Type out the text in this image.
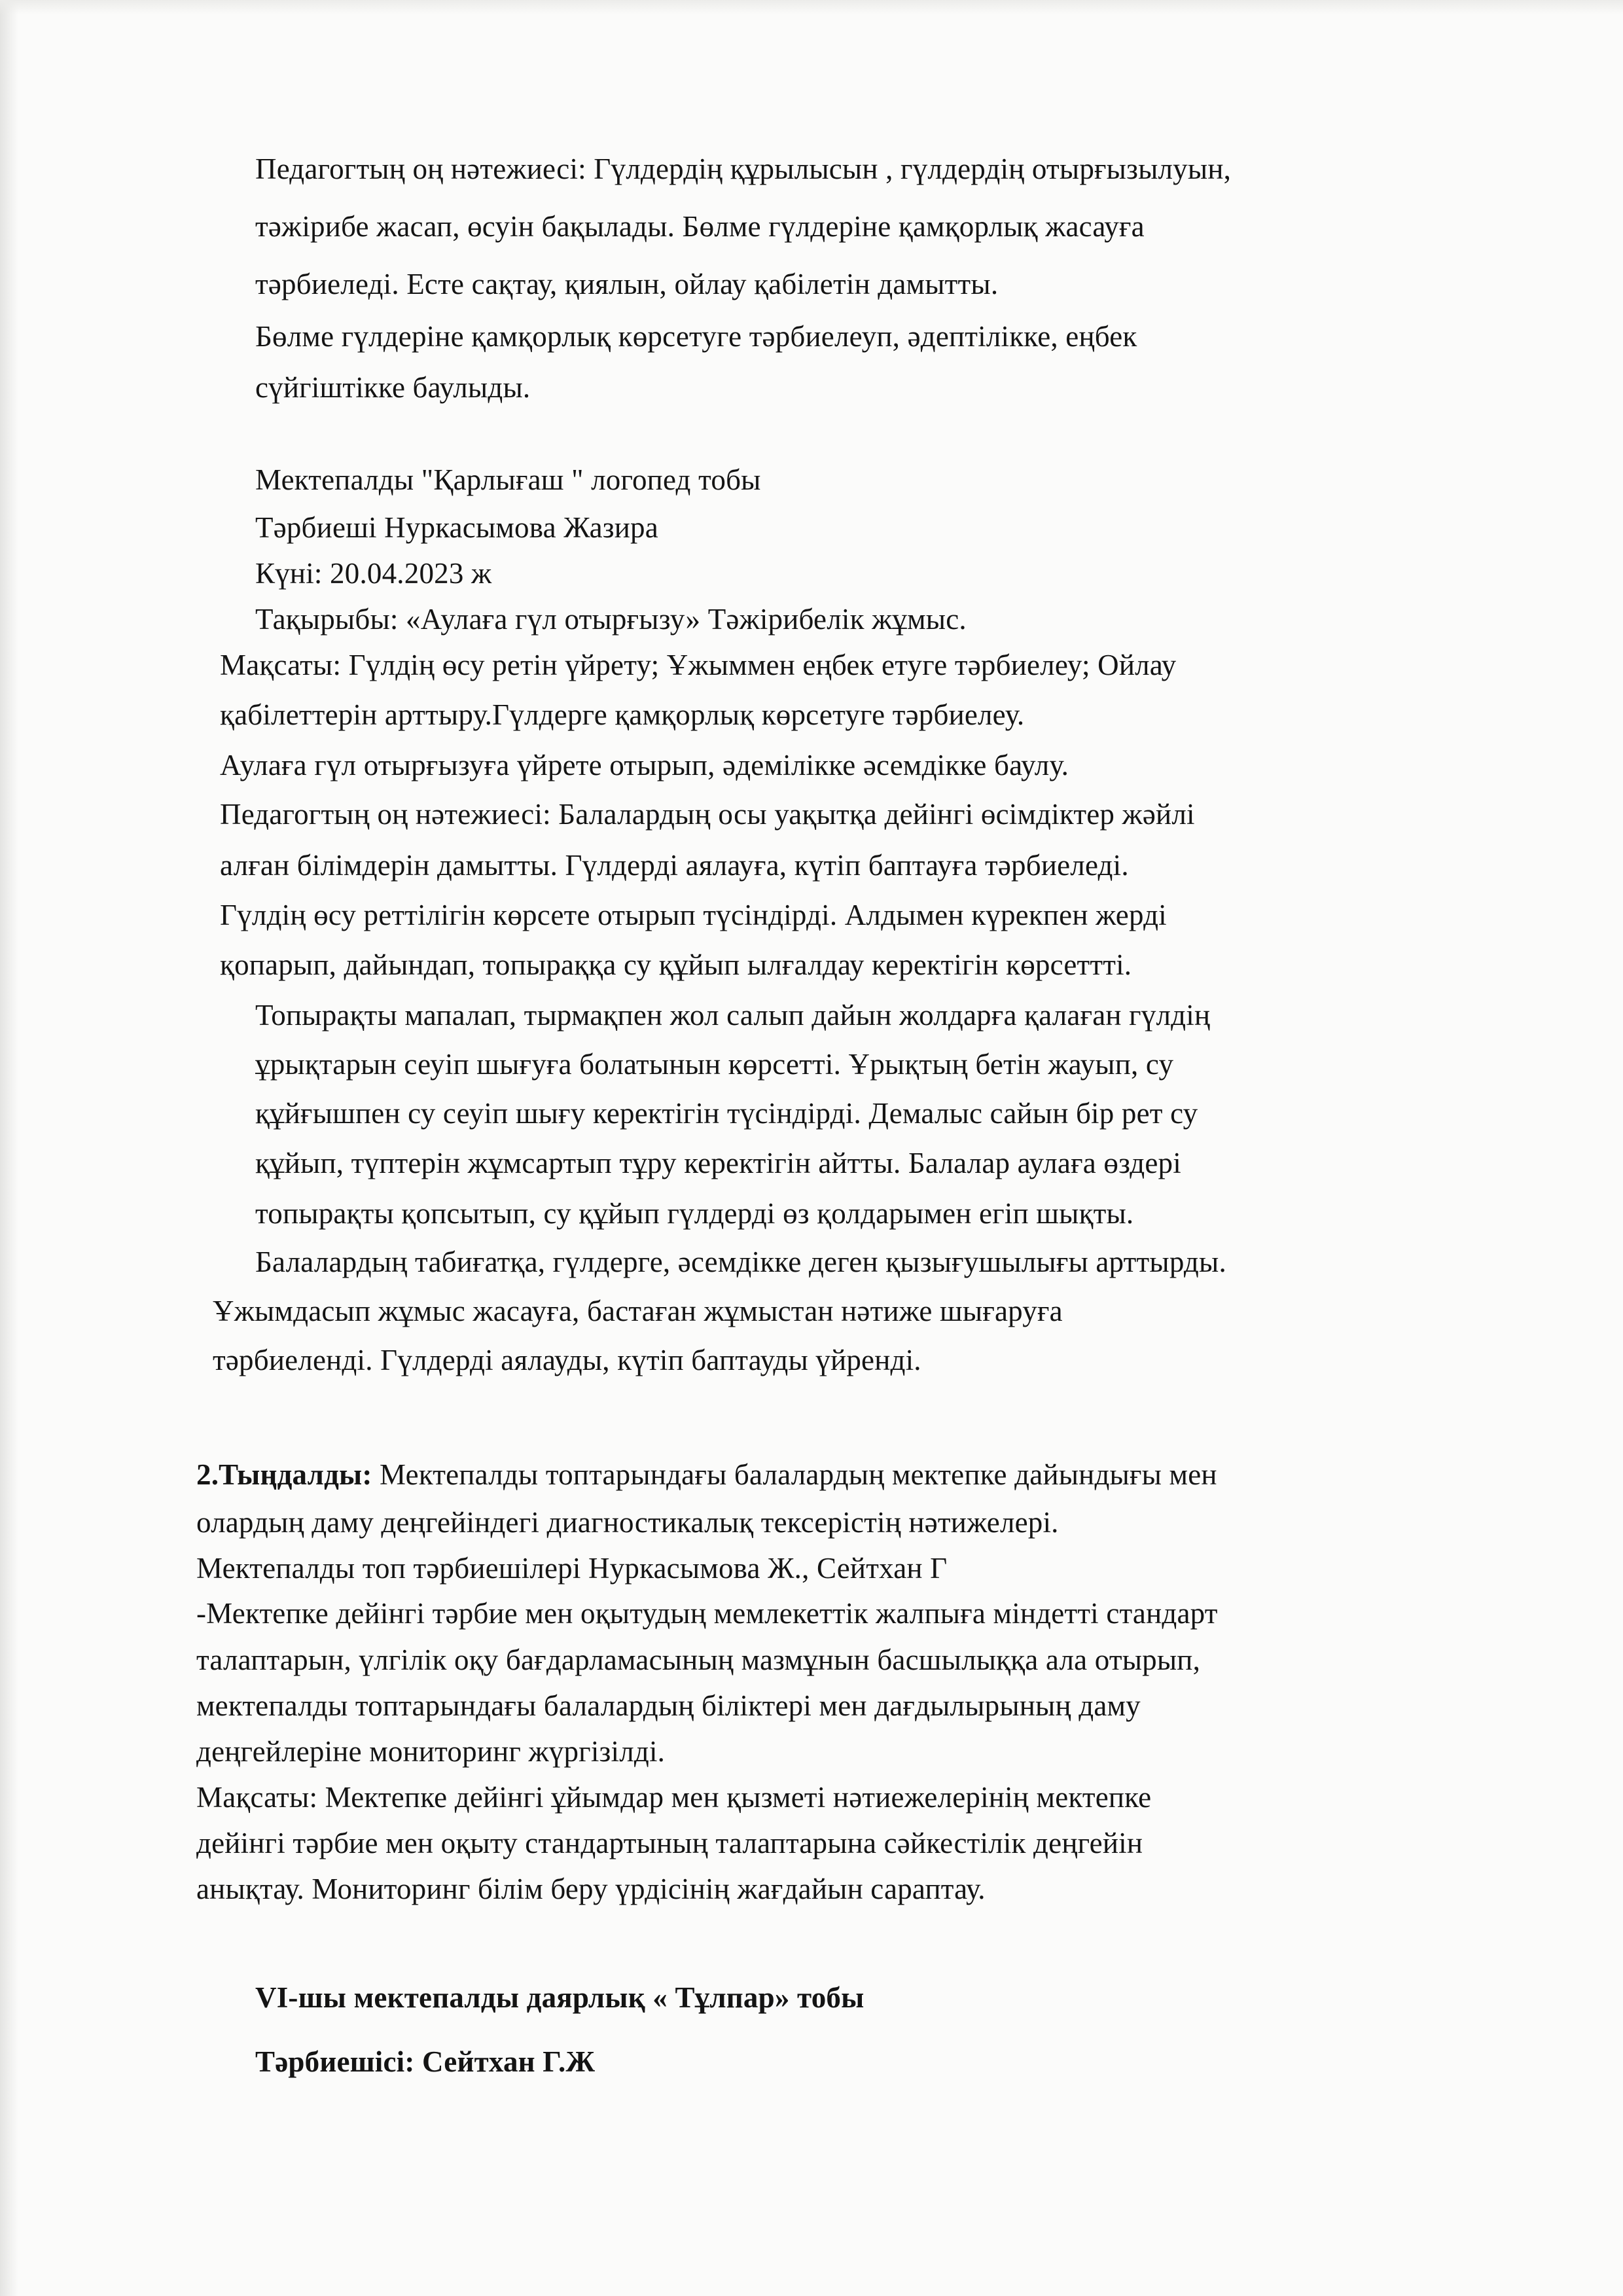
Педагогтың оң нәтежиесі: Гүлдердің құрылысын , гүлдердің отырғызылуын,
тәжірибе жасап, өсуін бақылады. Бөлме гүлдеріне қамқорлық жасауға
тәрбиеледі. Есте сақтау, қиялын, ойлау қабілетін дамытты.
Бөлме гүлдеріне қамқорлық көрсетуге тәрбиелеуп, әдептілікке, еңбек
сүйгіштікке баулыды.
Мектепалды "Қарлығаш " логопед тобы
Тәрбиеші Нуркасымова Жазира
Күні: 20.04.2023 ж
Тақырыбы: «Аулаға гүл отырғызу» Тәжірибелік жұмыс.
Мақсаты: Гүлдің өсу ретін үйрету; Ұжыммен еңбек етуге тәрбиелеу; Ойлау
қабілеттерін арттыру.Гүлдерге қамқорлық көрсетуге тәрбиелеу.
Аулаға гүл отырғызуға үйрете отырып, әдемілікке әсемдікке баулу.
Педагогтың оң нәтежиесі: Балалардың осы уақытқа дейінгі өсімдіктер жәйлі
алған білімдерін дамытты. Гүлдерді аялауға, күтіп баптауға тәрбиеледі.
Гүлдің өсу реттілігін көрсете отырып түсіндірді. Алдымен күрекпен жерді
қопарып, дайындап, топыраққа су құйып ылғалдау керектігін көрсеттті.
Топырақты мапалап, тырмақпен жол салып дайын жолдарға қалаған гүлдің
ұрықтарын сеуіп шығуға болатынын көрсетті. Ұрықтың бетін жауып, су
құйғышпен су сеуіп шығу керектігін түсіндірді. Демалыс сайын бір рет су
құйып, түптерін жұмсартып тұру керектігін айтты. Балалар аулаға өздері
топырақты қопсытып, су құйып гүлдерді өз қолдарымен егіп шықты.
Балалардың табиғатқа, гүлдерге, әсемдікке деген қызығушылығы арттырды.
Ұжымдасып жұмыс жасауға, бастаған жұмыстан нәтиже шығаруға
тәрбиеленді. Гүлдерді аялауды, күтіп баптауды үйренді.
2.Тыңдалды: Мектепалды топтарындағы балалардың мектепке дайындығы мен
олардың даму деңгейіндегі диагностикалық тексерістің нәтижелері.
Мектепалды топ тәрбиешілері Нуркасымова Ж., Сейтхан Г
-Мектепке дейінгі тәрбие мен оқытудың мемлекеттік жалпыға міндетті стандарт
талаптарын, үлгілік оқу бағдарламасының мазмұнын басшылыққа ала отырып,
мектепалды топтарындағы балалардың біліктері мен дағдылырының даму
деңгейлеріне мониторинг жүргізілді.
Мақсаты: Мектепке дейінгі ұйымдар мен қызметі нәтиежелерінің мектепке
дейінгі тәрбие мен оқыту стандартының талаптарына сәйкестілік деңгейін
анықтау. Мониторинг білім беру үрдісінің жағдайын сараптау.
VI-шы мектепалды даярлық « Тұлпар» тобы
Тәрбиешісі: Сейтхан Г.Ж
